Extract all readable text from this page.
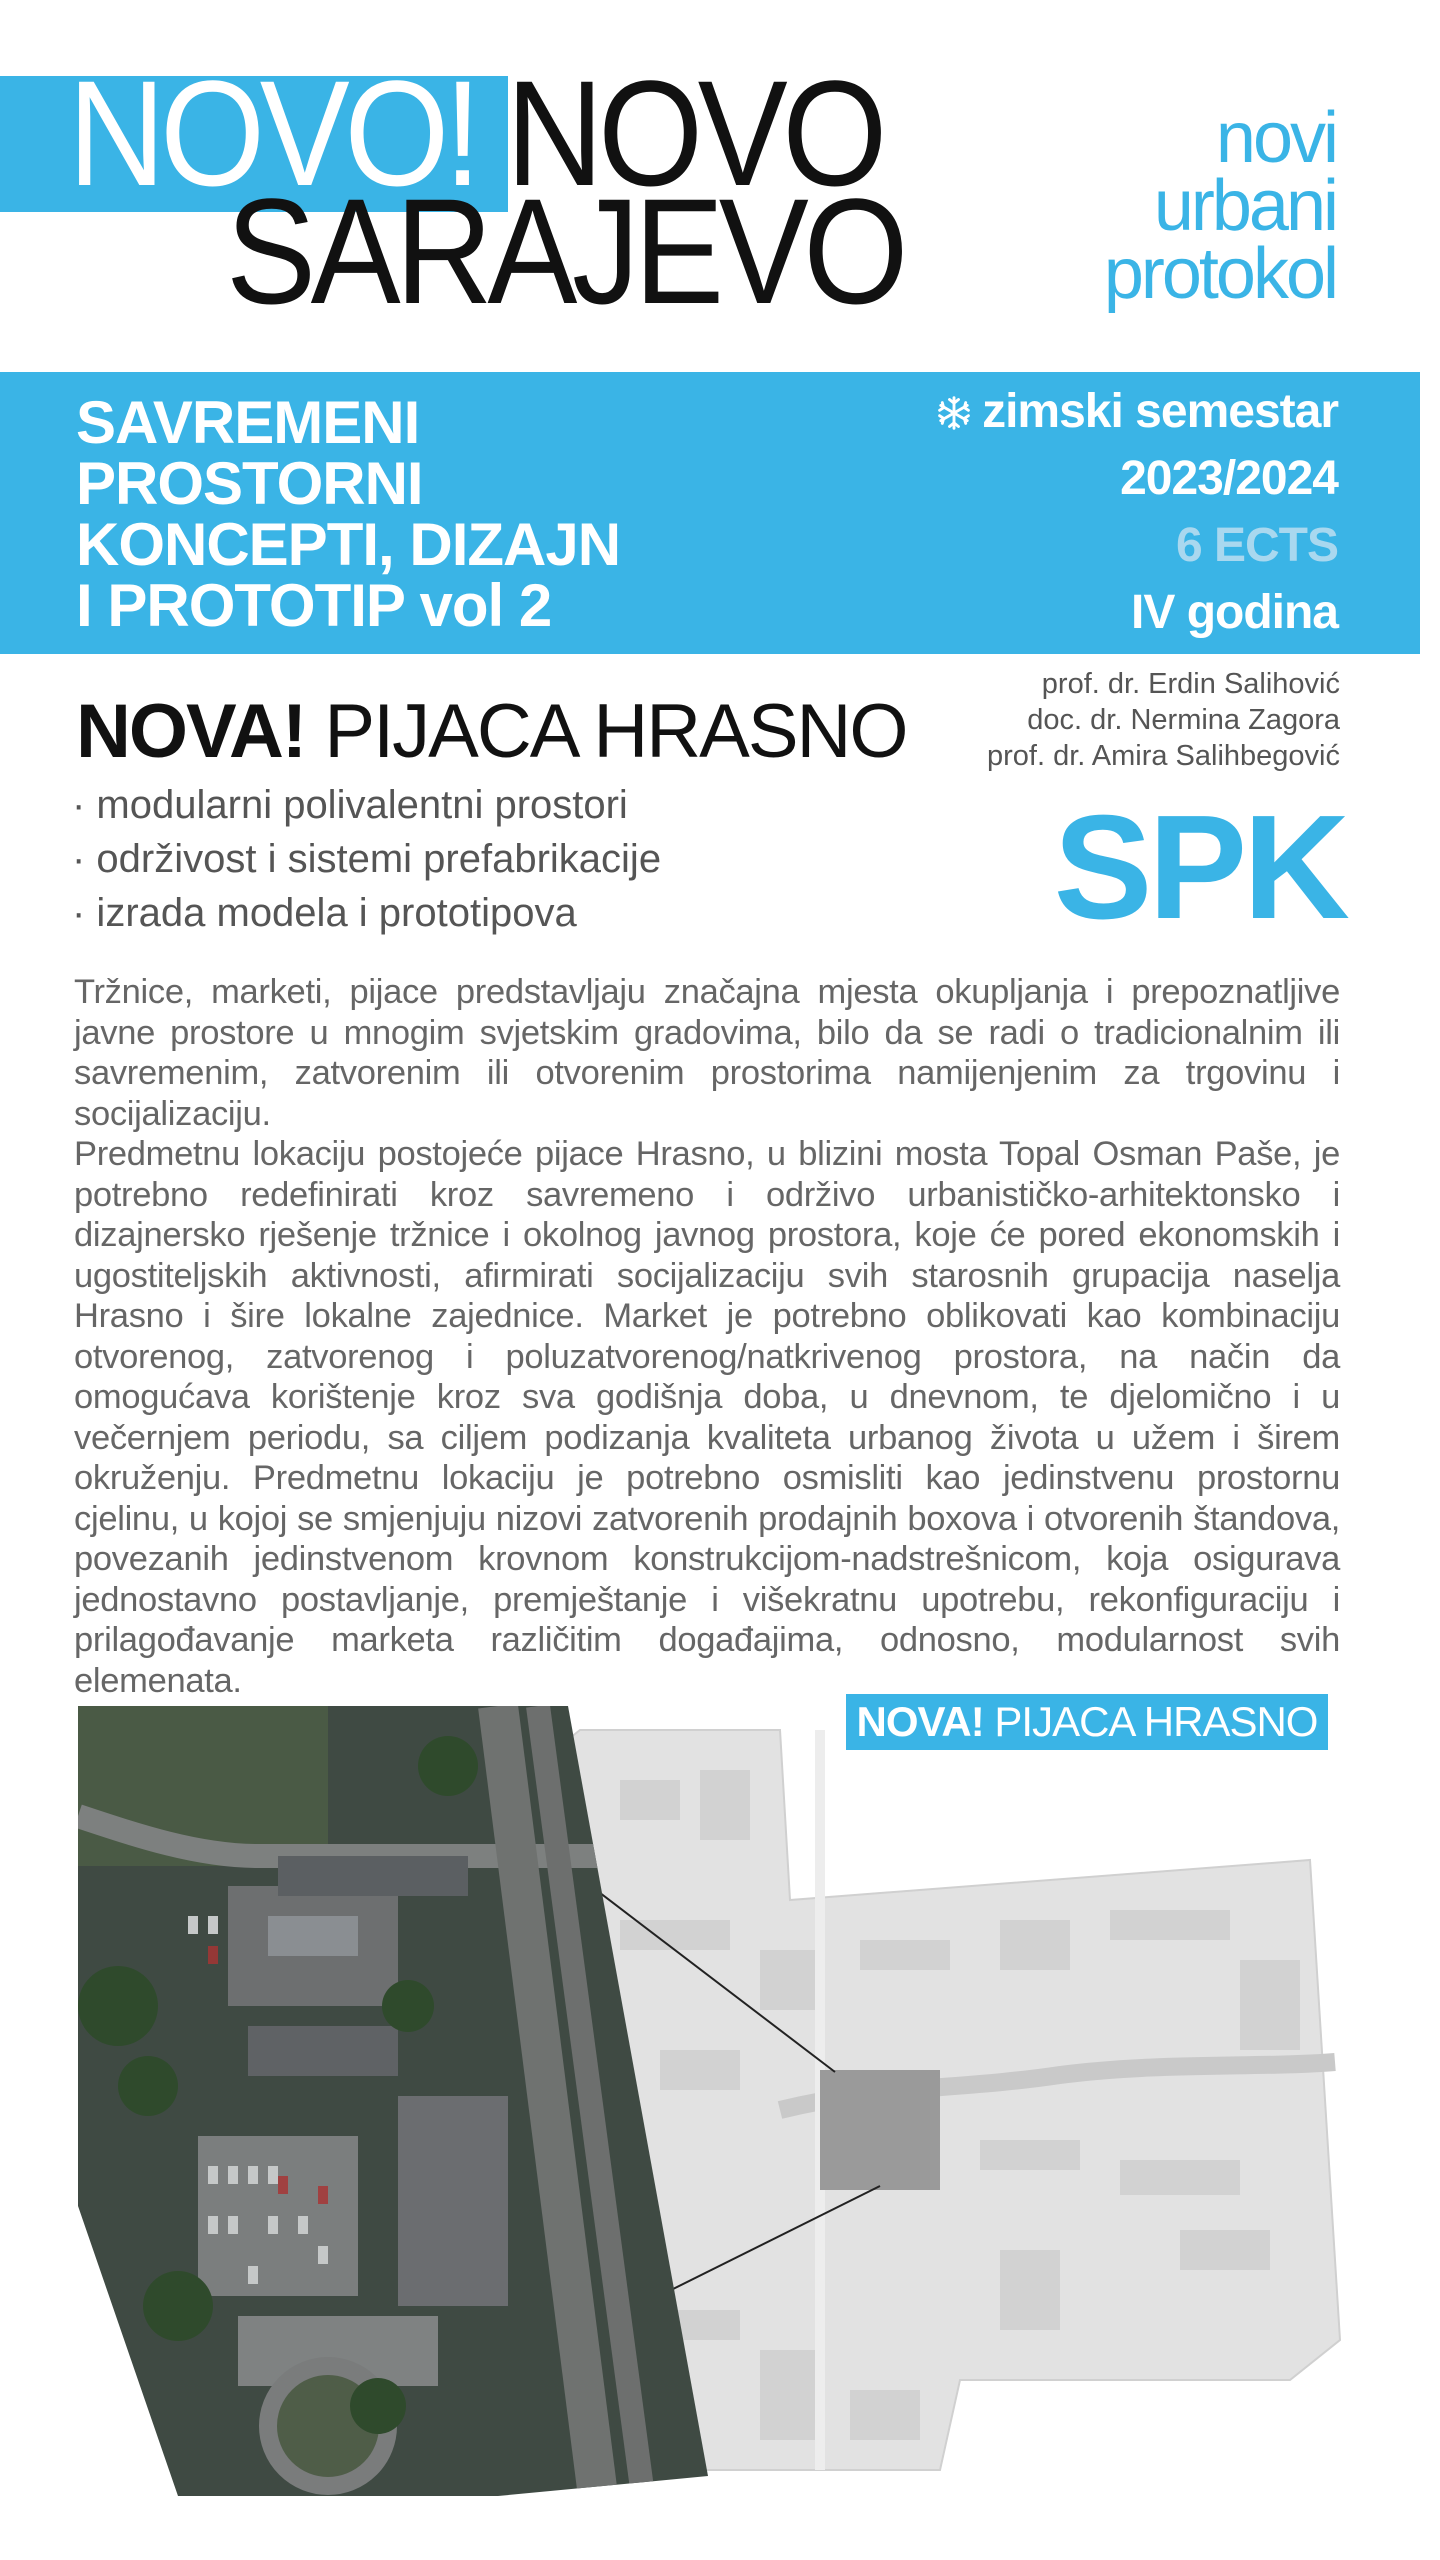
NOVO! NOVO
SARAJEVO
novi
urbani
protokol
SAVREMENI
PROSTORNI
KONCEPTI, DIZAJN
I PROTOTIP vol 2
zimski semestar
2023/2024
6 ECTS
IV godina
NOVA! PIJACA HRASNO
· modularni polivalentni prostori
· održivost i sistemi prefabrikacije
· izrada modela i prototipova
prof. dr. Erdin Salihović
doc. dr. Nermina Zagora
prof. dr. Amira Salihbegović
SPK

Tržnice, marketi, pijace predstavljaju značajna mjesta okupljanja i prepoznatljive javne prostore u mnogim svjetskim gradovima, bilo da se radi o tradicionalnim ili savremenim, zatvorenim ili otvorenim prostorima namijenjenim za trgovinu i socijalizaciju.

Predmetnu lokaciju postojeće pijace Hrasno, u blizini mosta Topal Osman Paše, je potrebno redefinirati kroz savremeno i održivo urbanističko-arhitektonsko i dizajnersko rješenje tržnice i okolnog javnog prostora, koje će pored ekonomskih i ugostiteljskih aktivnosti, afirmirati socijalizaciju svih starosnih grupacija naselja Hrasno i šire lokalne zajednice. Market je potrebno oblikovati kao kombinaciju otvorenog, zatvorenog i poluzatvorenog/natkrivenog prostora, na način da omogućava korištenje kroz sva godišnja doba, u dnevnom, te djelomično i u večernjem periodu, sa ciljem podizanja kvaliteta urbanog života u užem i širem okruženju. Predmetnu lokaciju je potrebno osmisliti kao jedinstvenu prostornu cjelinu, u kojoj se smjenjuju nizovi zatvorenih prodajnih boxova i otvorenih štandova, povezanih jedinstvenom krovnom konstrukcijom-nadstrešnicom, koja osigurava jednostavno postavljanje, premještanje i višekratnu upotrebu, rekonfiguraciju i prilagođavanje marketa različitim događajima, odnosno, modularnost svih elemenata.

NOVA! PIJACA HRASNO
